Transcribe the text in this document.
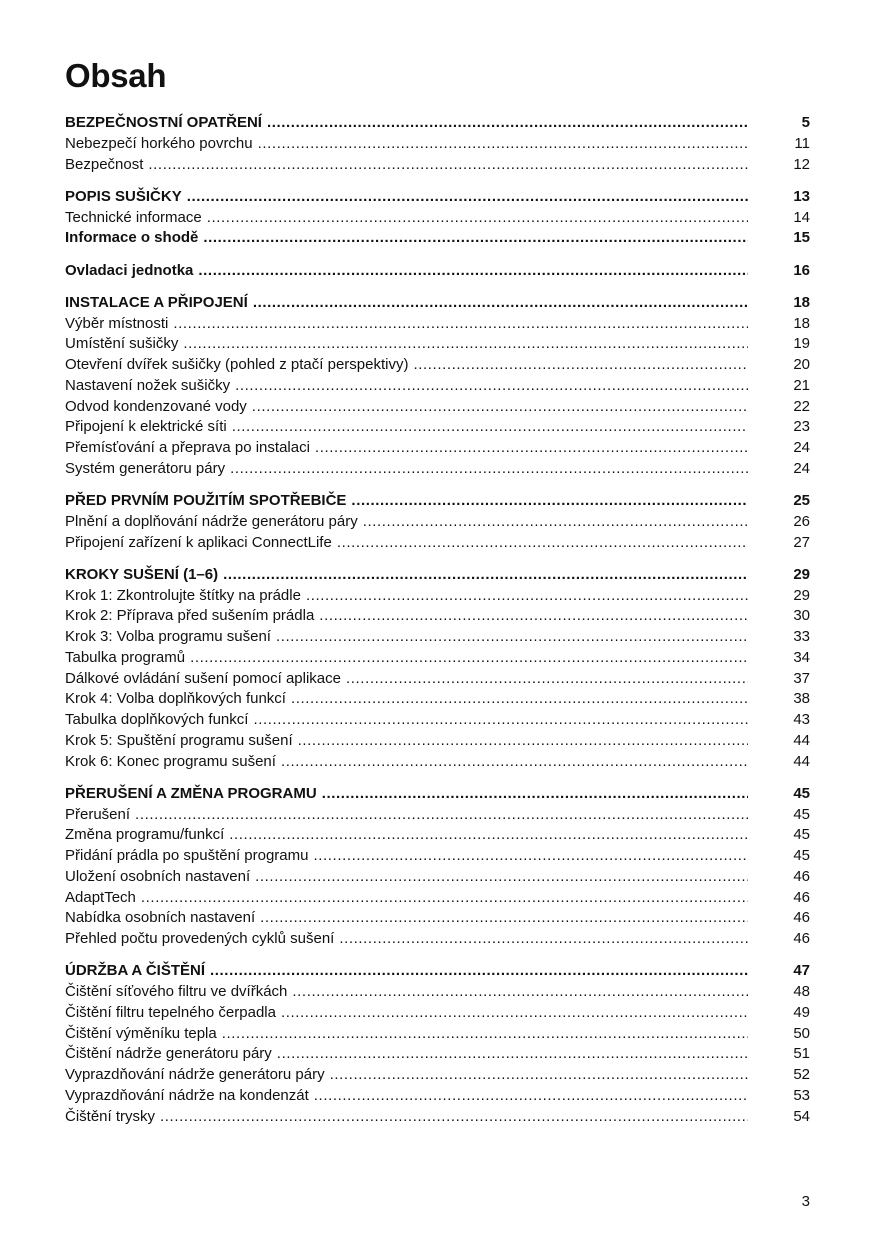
Obsah
BEZPEČNOSTNÍ OPATŘENÍ .....	5
Nebezpečí horkého povrchu .....	11
Bezpečnost .....	12
POPIS SUŠIČKY .....	13
Technické informace .....	14
Informace o shodě .....	15
Ovladaci jednotka .....	16
INSTALACE A PŘIPOJENÍ .....	18
Výběr místnosti .....	18
Umístění sušičky .....	19
Otevření dvířek sušičky (pohled z ptačí perspektivy) .....	20
Nastavení nožek sušičky .....	21
Odvod kondenzované vody .....	22
Připojení k elektrické síti .....	23
Přemísťování a přeprava po instalaci .....	24
Systém generátoru páry .....	24
PŘED PRVNÍM POUŽITÍM SPOTŘEBIČE .....	25
Plnění a doplňování nádrže generátoru páry .....	26
Připojení zařízení k aplikaci ConnectLife .....	27
KROKY SUŠENÍ (1–6) .....	29
Krok 1: Zkontrolujte štítky na prádle .....	29
Krok 2: Příprava před sušením prádla .....	30
Krok 3: Volba programu sušení .....	33
Tabulka programů .....	34
Dálkové ovládání sušení pomocí aplikace .....	37
Krok 4: Volba doplňkových funkcí .....	38
Tabulka doplňkových funkcí .....	43
Krok 5: Spuštění programu sušení .....	44
Krok 6: Konec programu sušení .....	44
PŘERUŠENÍ A ZMĚNA PROGRAMU .....	45
Přerušení .....	45
Změna programu/funkcí .....	45
Přidání prádla po spuštění programu .....	45
Uložení osobních nastavení .....	46
AdaptTech .....	46
Nabídka osobních nastavení .....	46
Přehled počtu provedených cyklů sušení .....	46
ÚDRŽBA A ČIŠTĚNÍ .....	47
Čištění síťového filtru ve dvířkách .....	48
Čištění filtru tepelného čerpadla .....	49
Čištění výměníku tepla .....	50
Čištění nádrže generátoru páry .....	51
Vyprazdňování nádrže generátoru páry .....	52
Vyprazdňování nádrže na kondenzát .....	53
Čištění trysky .....	54
3
